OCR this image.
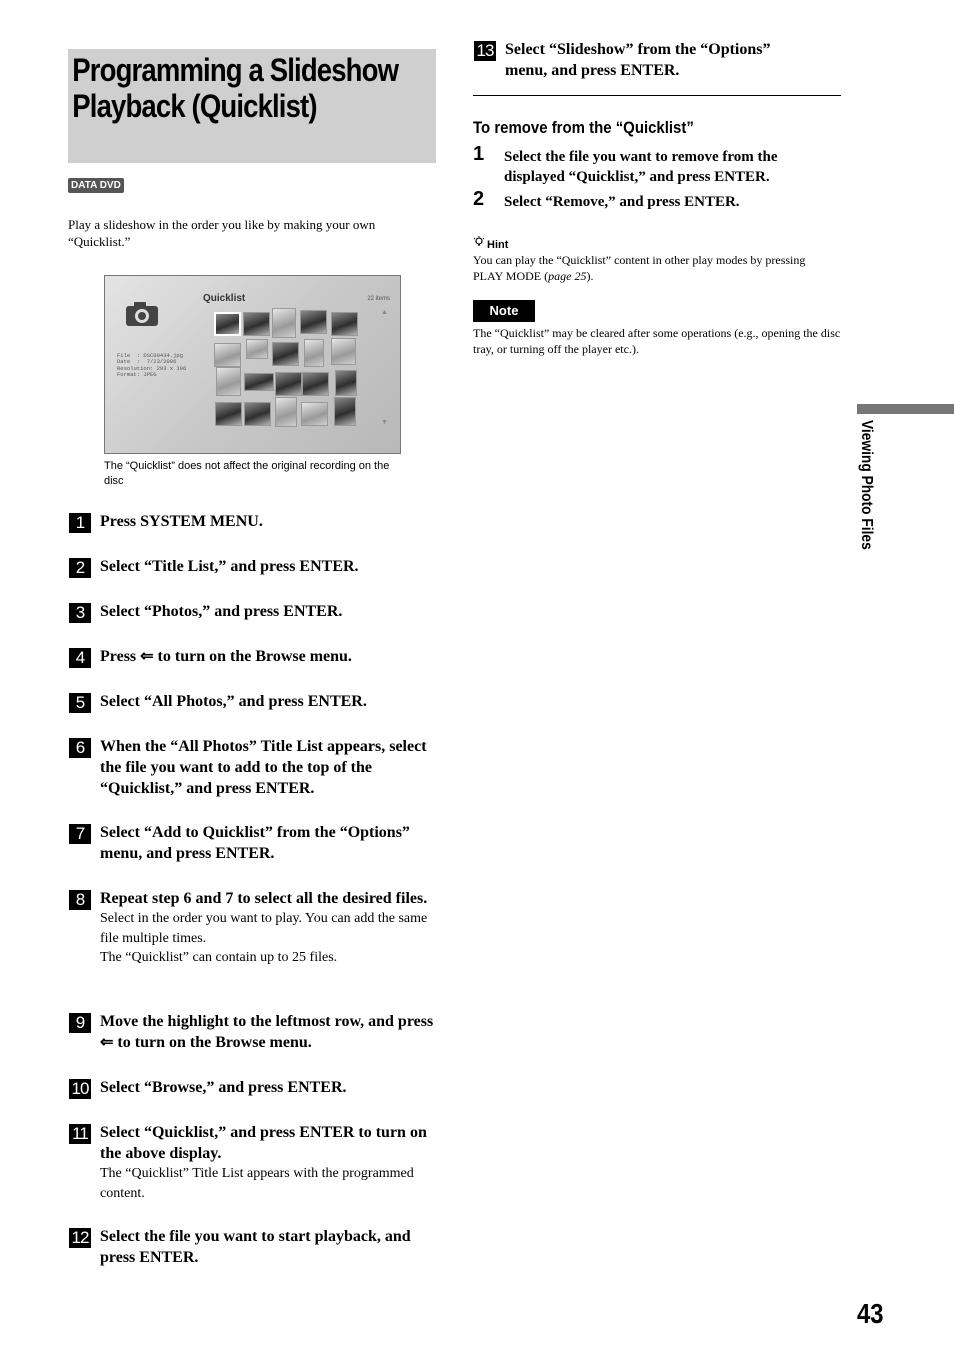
Programming a Slideshow Playback (Quicklist)
DATA DVD
Play a slideshow in the order you like by making your own “Quicklist.”
Quicklist	22 items
File  : DSC00434.jpg
Date  :  7/23/2006
Resolution: 293 x 196
Format: JPEG
▲
▼
The “Quicklist” does not affect the original recording on the disc
1 Press SYSTEM MENU.
2 Select “Title List,” and press ENTER.
3 Select “Photos,” and press ENTER.
4 Press ⇐ to turn on the Browse menu.
5 Select “All Photos,” and press ENTER.
6 When the “All Photos” Title List appears, select the file you want to add to the top of the “Quicklist,” and press ENTER.
7 Select “Add to Quicklist” from the “Options” menu, and press ENTER.
8 Repeat step 6 and 7 to select all the desired files.
Select in the order you want to play. You can add the same file multiple times.
The “Quicklist” can contain up to 25 files.
9 Move the highlight to the leftmost row, and press ⇐ to turn on the Browse menu.
10 Select “Browse,” and press ENTER.
11 Select “Quicklist,” and press ENTER to turn on the above display.
The “Quicklist” Title List appears with the programmed content.
12 Select the file you want to start playback, and press ENTER.
13 Select “Slideshow” from the “Options” menu, and press ENTER.
To remove from the “Quicklist”
1 Select the file you want to remove from the displayed “Quicklist,” and press ENTER.
2 Select “Remove,” and press ENTER.
Hint
You can play the “Quicklist” content in other play modes by pressing PLAY MODE (page 25).
Note
The “Quicklist” may be cleared after some operations (e.g., opening the disc tray, or turning off the player etc.).
Viewing Photo Files
43
